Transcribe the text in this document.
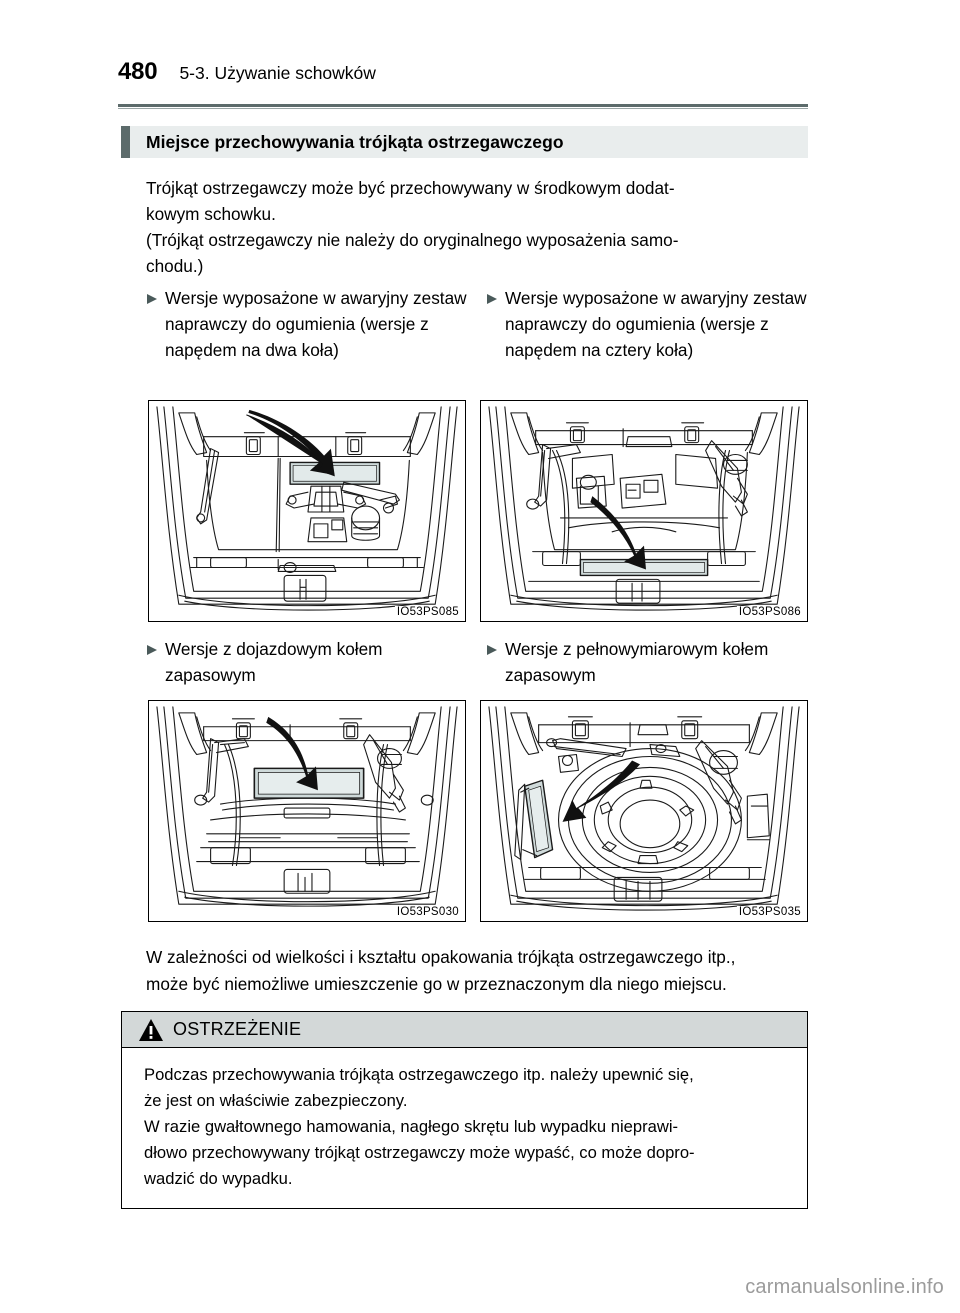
480 5-3. Używanie schowków
Miejsce przechowywania trójkąta ostrzegawczego

Trójkąt ostrzegawczy może być przechowywany w środkowym dodat-

kowym schowku.

(Trójkąt ostrzegawczy nie należy do oryginalnego wyposażenia samo-

chodu.)

Wersje wyposażone w awaryjny zestaw naprawczy do ogumienia (wersje z napędem na dwa koła)
Wersje wyposażone w awaryjny zestaw naprawczy do ogumienia (wersje z napędem na cztery koła)
IO53PS085	IO53PS086
Wersje z dojazdowym kołem zapasowym
Wersje z pełnowymiarowym kołem zapasowym
IO53PS030	IO53PS035

W zależności od wielkości i kształtu opakowania trójkąta ostrzegawczego itp.,

może być niemożliwe umieszczenie go w przeznaczonym dla niego miejscu.

OSTRZEŻENIE

Podczas przechowywania trójkąta ostrzegawczego itp. należy upewnić się,

że jest on właściwie zabezpieczony.

W razie gwałtownego hamowania, nagłego skrętu lub wypadku nieprawi-

dłowo przechowywany trójkąt ostrzegawczy może wypaść, co może dopro-

wadzić do wypadku.

carmanualsonline.info
